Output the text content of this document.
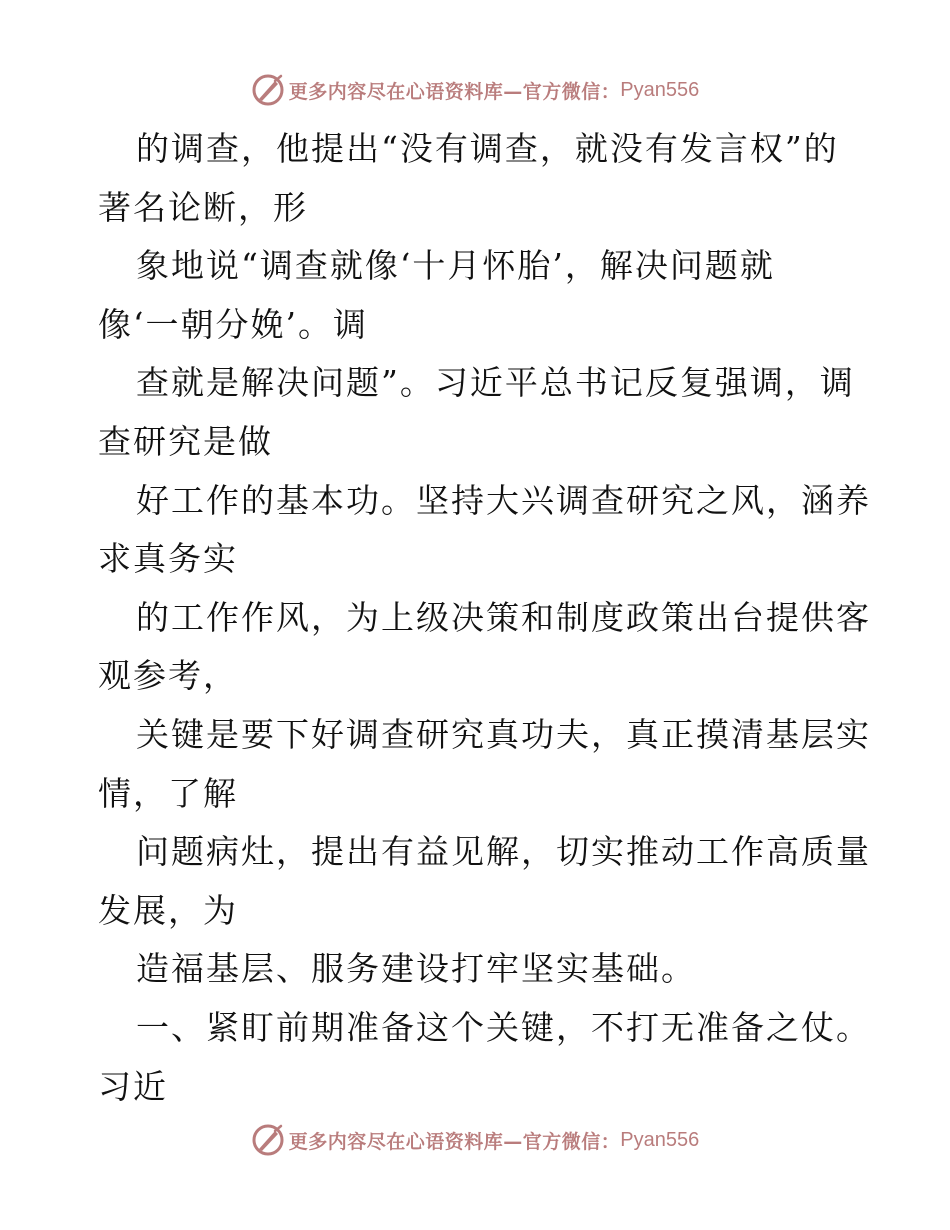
更多内容尽在心语资料库—官方微信： Pyan556
的调查，他提出“没有调查，就没有发言权”的
著名论断，形
象地说“调查就像‘十月怀胎’，解决问题就
像‘一朝分娩’。调
查就是解决问题”。习近平总书记反复强调，调
查研究是做
好工作的基本功。坚持大兴调查研究之风，涵养
求真务实
的工作作风，为上级决策和制度政策出台提供客
观参考，
关键是要下好调查研究真功夫，真正摸清基层实
情，了解
问题病灶，提出有益见解，切实推动工作高质量
发展，为
造福基层、服务建设打牢坚实基础。
一、紧盯前期准备这个关键，不打无准备之仗。
习近
更多内容尽在心语资料库—官方微信： Pyan556
